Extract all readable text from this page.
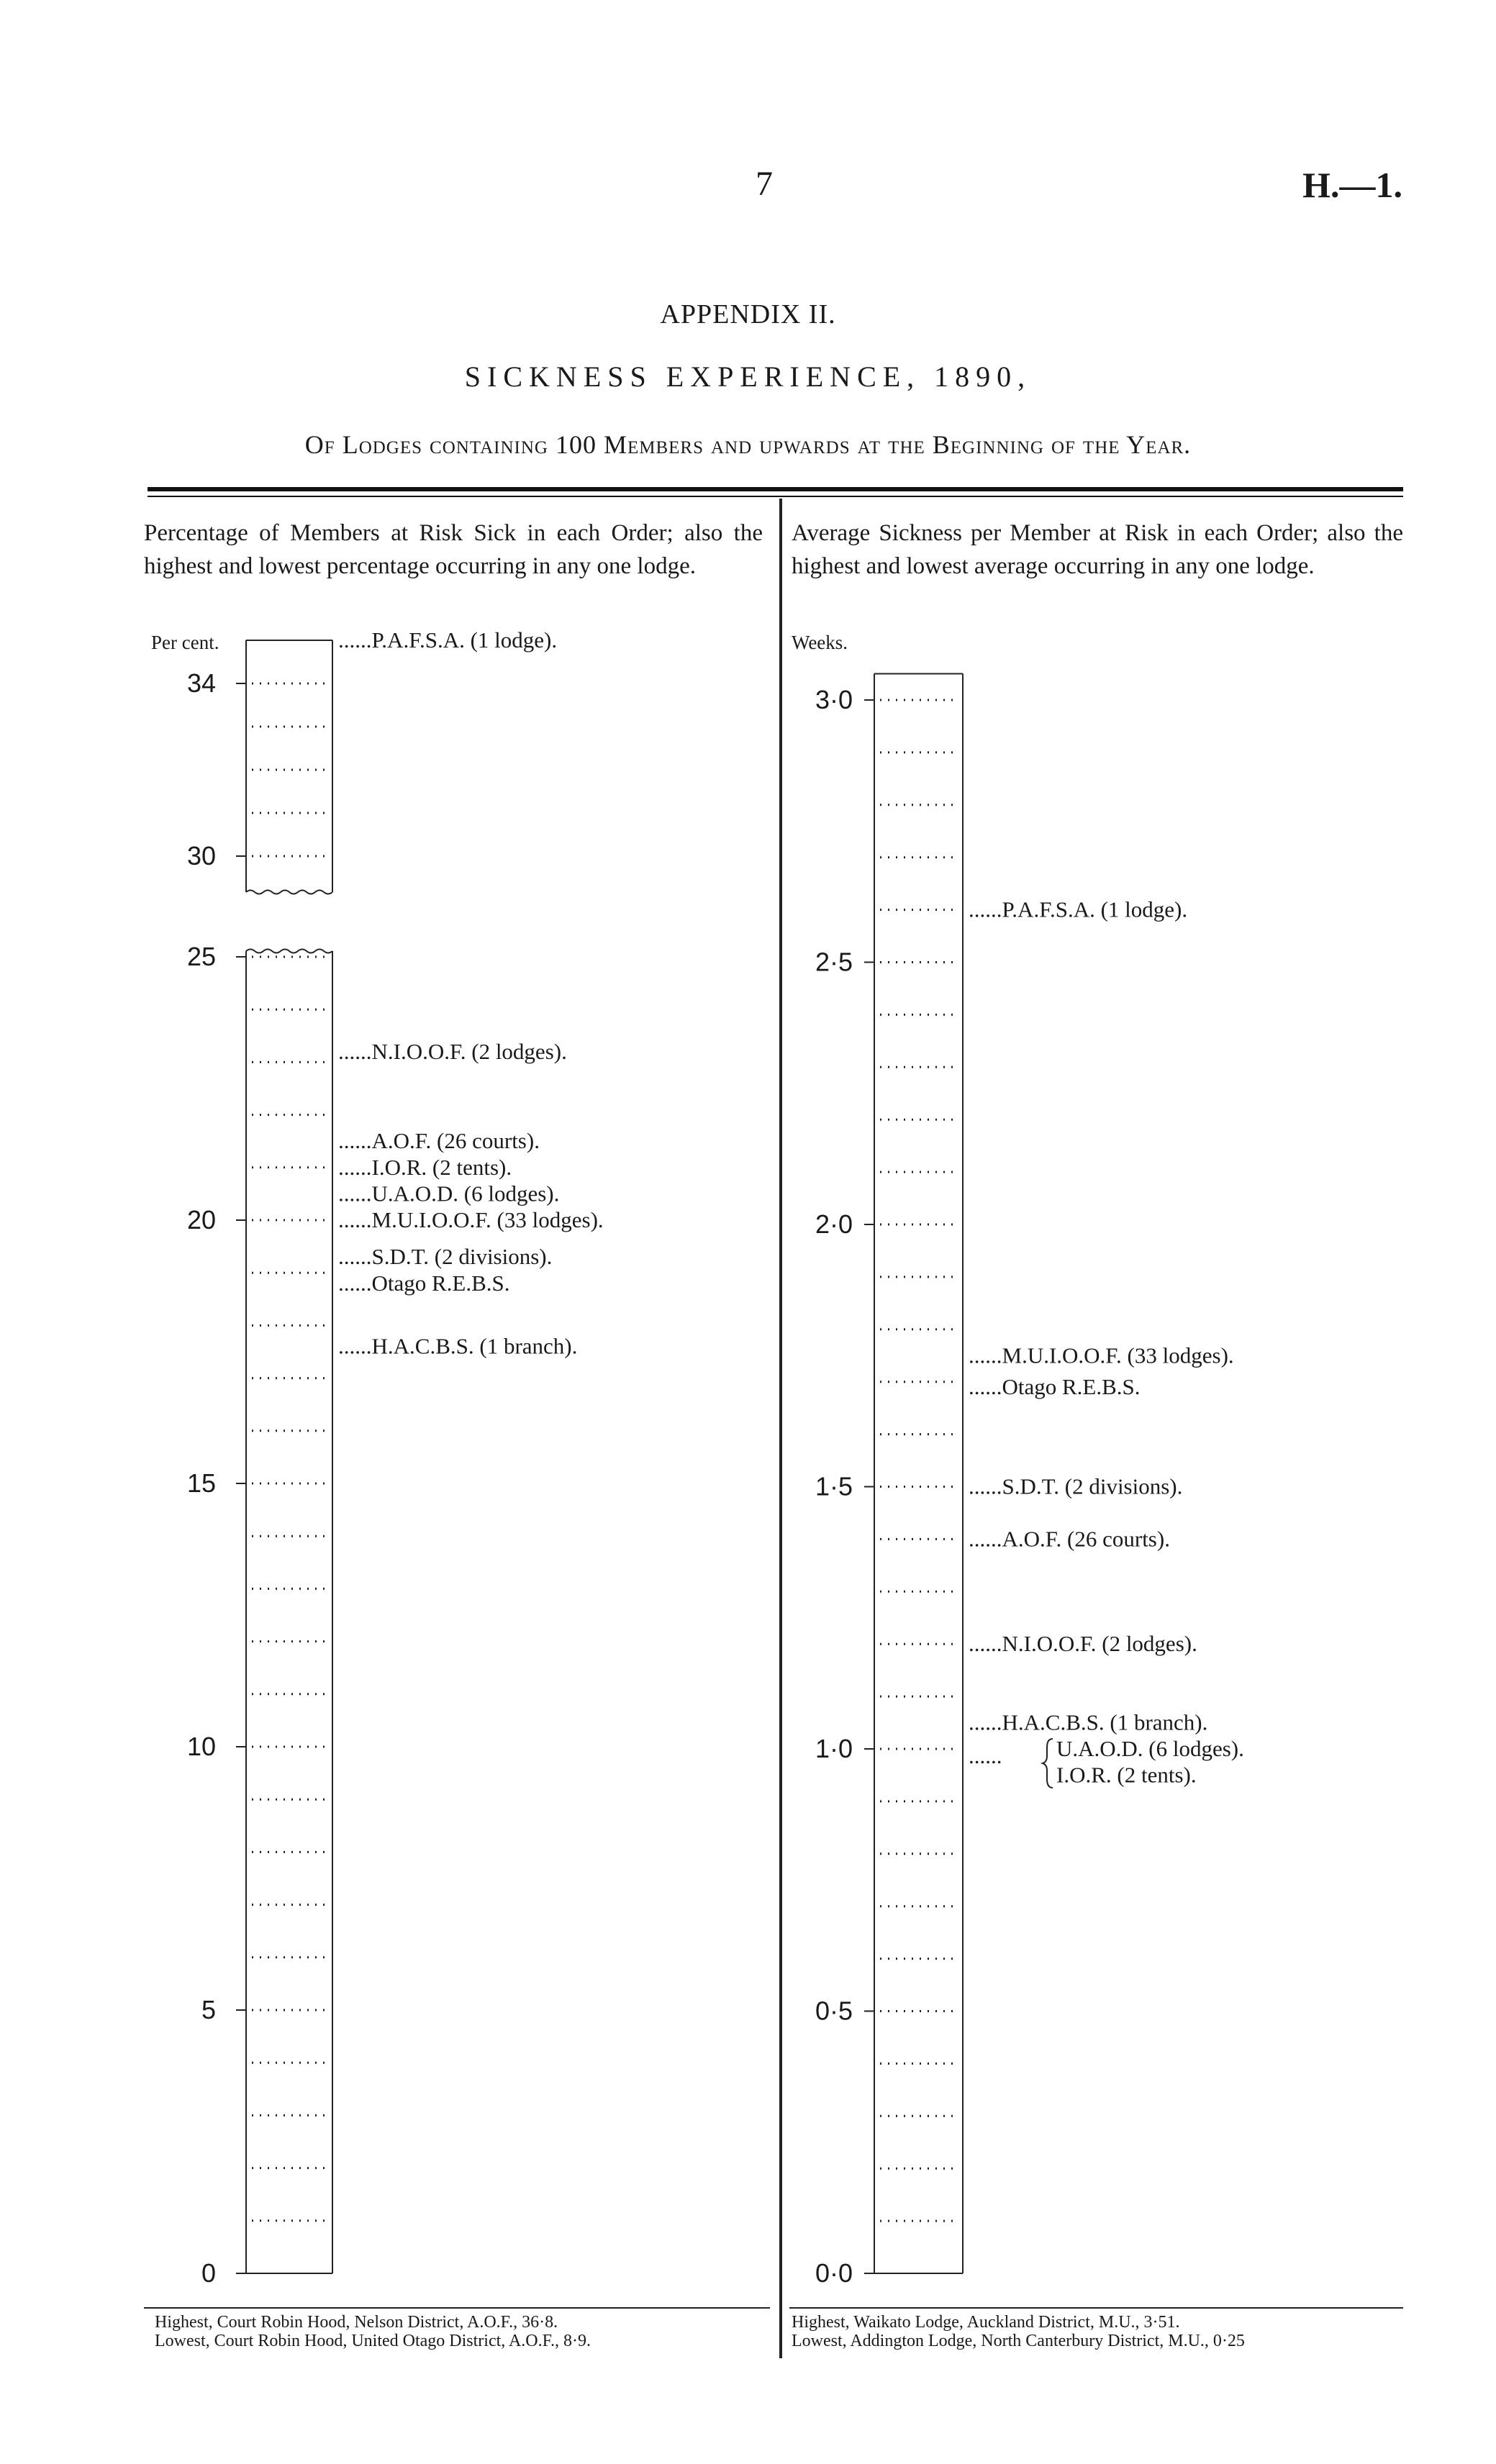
7	H.—1.
APPENDIX II.
SICKNESS EXPERIENCE, 1890,
Of Lodges containing 100 Members and upwards at the Beginning of the Year.
Percentage of Members at Risk Sick in each Order; also the highest and lowest percentage occurring in any one lodge.
Average Sickness per Member at Risk in each Order; also the highest and lowest average occurring in any one lodge.
Per cent.	Weeks.
0
5
10
15
20
25
30
34
......P.A.F.S.A. (1 lodge).
......N.I.O.O.F. (2 lodges).
......A.O.F. (26 courts).
......I.O.R. (2 tents).
......U.A.O.D. (6 lodges).
......M.U.I.O.O.F. (33 lodges).
......S.D.T. (2 divisions).
......Otago R.E.B.S.
......H.A.C.B.S. (1 branch).
0·0
0·5
1·0
1·5
2·0
2·5
3·0
......P.A.F.S.A. (1 lodge).
......M.U.I.O.O.F. (33 lodges).
......Otago R.E.B.S.
......S.D.T. (2 divisions).
......A.O.F. (26 courts).
......N.I.O.O.F. (2 lodges).
......H.A.C.B.S. (1 branch).
U.A.O.D. (6 lodges).
I.O.R. (2 tents).
......
Highest, Court Robin Hood, Nelson District, A.O.F., 36·8.
Lowest, Court Robin Hood, United Otago District, A.O.F., 8·9.
Highest, Waikato Lodge, Auckland District, M.U., 3·51.
Lowest, Addington Lodge, North Canterbury District, M.U., 0·25
